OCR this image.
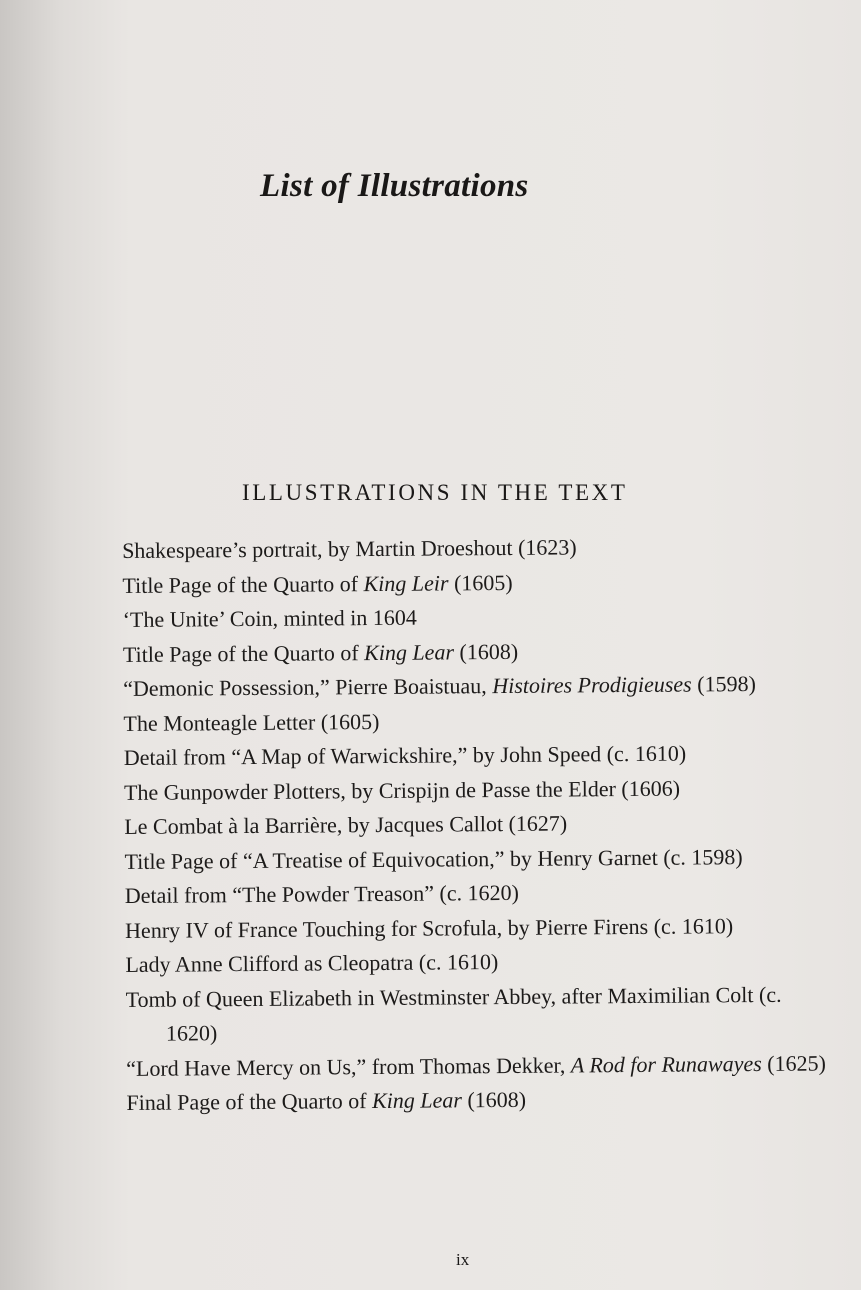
List of Illustrations
ILLUSTRATIONS IN THE TEXT
Shakespeare’s portrait, by Martin Droeshout (1623)
Title Page of the Quarto of King Leir (1605)
‘The Unite’ Coin, minted in 1604
Title Page of the Quarto of King Lear (1608)
“Demonic Possession,” Pierre Boaistuau, Histoires Prodigieuses (1598)
The Monteagle Letter (1605)
Detail from “A Map of Warwickshire,” by John Speed (c. 1610)
The Gunpowder Plotters, by Crispijn de Passe the Elder (1606)
Le Combat à la Barrière, by Jacques Callot (1627)
Title Page of “A Treatise of Equivocation,” by Henry Garnet (c. 1598)
Detail from “The Powder Treason” (c. 1620)
Henry IV of France Touching for Scrofula, by Pierre Firens (c. 1610)
Lady Anne Clifford as Cleopatra (c. 1610)
Tomb of Queen Elizabeth in Westminster Abbey, after Maximilian Colt (c. 1620)
“Lord Have Mercy on Us,” from Thomas Dekker, A Rod for Runawayes (1625)
Final Page of the Quarto of King Lear (1608)
ix
